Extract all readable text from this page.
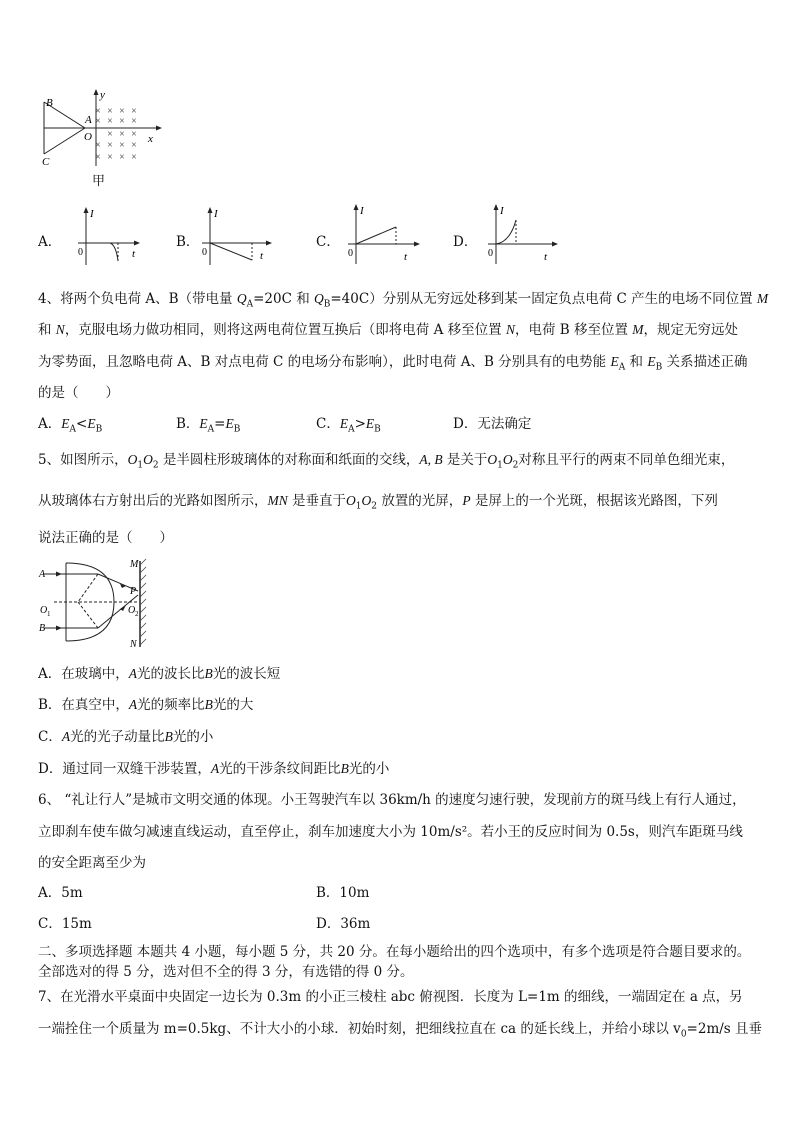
× × × ×
× × × ×
× × ×
× × × ×
× × × ×
B
A
O
C
y
x
甲
A．
I
0	t
B．
I
0	t
C．
I
0	t
D．
I
0	t
4、将两个负电荷 A、B（带电量 $Q_A=20C$ 和 $Q_B=40C$）分别从无穷远处移到某一固定负点电荷 C 产生的电场不同位置 M
和 N，克服电场力做功相同，则将这两电荷位置互换后（即将电荷 A 移至位置 N，电荷 B 移至位置 M，规定无穷远处
为零势面，且忽略电荷 A、B 对点电荷 C 的电场分布影响），此时电荷 A、B 分别具有的电势能 $E_A$ 和 $E_B$ 关系描述正确
的是（　　）
A．$E_A<E_B$	B．$E_A=E_B$	C．$E_A>E_B$	D．无法确定
5、如图所示，$O_1O_2$ 是半圆柱形玻璃体的对称面和纸面的交线，A, B 是关于$O_1O_2$对称且平行的两束不同单色细光束，
从玻璃体右方射出后的光路如图所示，MN 是垂直于$O_1O_2$ 放置的光屏，P 是屏上的一个光斑，根据该光路图，下列
说法正确的是（　　）
A
B
O 1	O 2
M
N
P
A．在玻璃中，A光的波长比B光的波长短
B．在真空中，A光的频率比B光的大
C．A光的光子动量比B光的小
D．通过同一双缝干涉装置，A光的干涉条纹间距比B光的小
6、 “礼让行人”是城市文明交通的体现。小王驾驶汽车以 36km/h 的速度匀速行驶，发现前方的斑马线上有行人通过，
立即刹车使车做匀减速直线运动，直至停止，刹车加速度大小为 10m/s²。若小王的反应时间为 0.5s，则汽车距斑马线
的安全距离至少为
A．5m	B．10m
C．15m	D．36m
二、多项选择题 本题共 4 小题，每小题 5 分，共 20 分。在每小题给出的四个选项中，有多个选项是符合题目要求的。
全部选对的得 5 分，选对但不全的得 3 分，有选错的得 0 分。
7、在光滑水平桌面中央固定一边长为 0.3m 的小正三棱柱 abc 俯视图．长度为 L=1m 的细线，一端固定在 a 点，另
一端拴住一个质量为 m=0.5kg、不计大小的小球．初始时刻，把细线拉直在 ca 的延长线上，并给小球以 $v_0=2m/s$ 且垂
